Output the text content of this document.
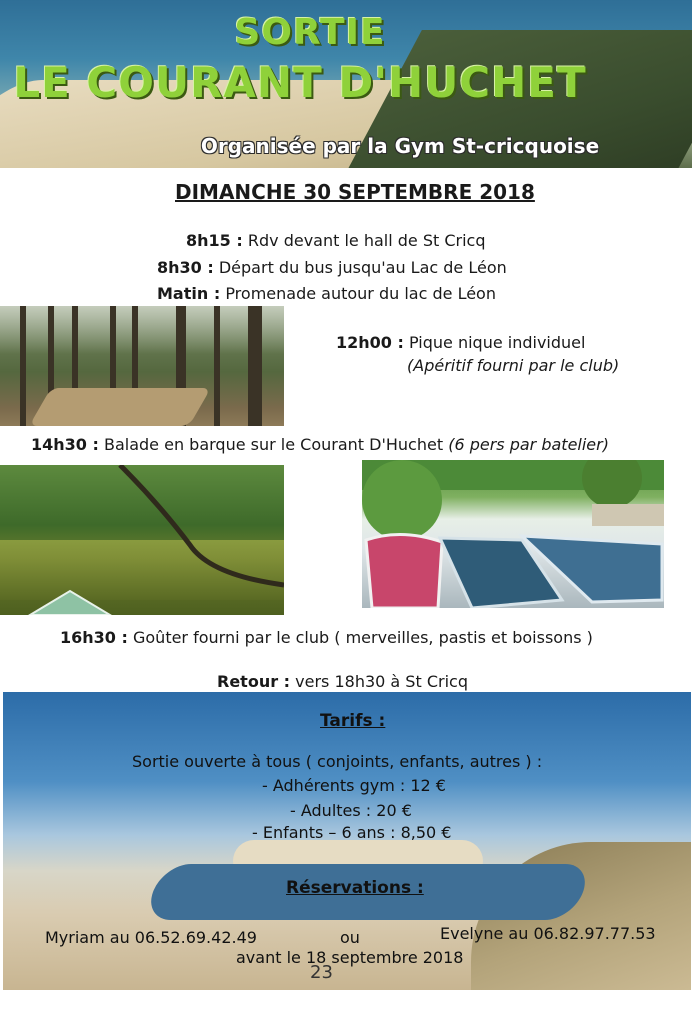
SORTIE
LE COURANT D'HUCHET
Organisée par la Gym St-cricquoise
DIMANCHE 30 SEPTEMBRE 2018
8h15 : Rdv devant le hall de St Cricq
8h30 : Départ du bus jusqu'au Lac de Léon
Matin : Promenade autour du lac de Léon
12h00 : Pique nique individuel
(Apéritif fourni par le club)
14h30 : Balade en barque sur le Courant D'Huchet (6 pers par batelier)
16h30 : Goûter fourni par le club ( merveilles, pastis et boissons )
Retour : vers 18h30 à St Cricq
Tarifs :
Sortie ouverte à tous ( conjoints, enfants, autres ) :
- Adhérents gym : 12 €
- Adultes : 20 €
- Enfants – 6 ans : 8,50 €
Réservations :
Myriam au 06.52.69.42.49	ou	Evelyne au 06.82.97.77.53
avant le 18 septembre 2018
23
